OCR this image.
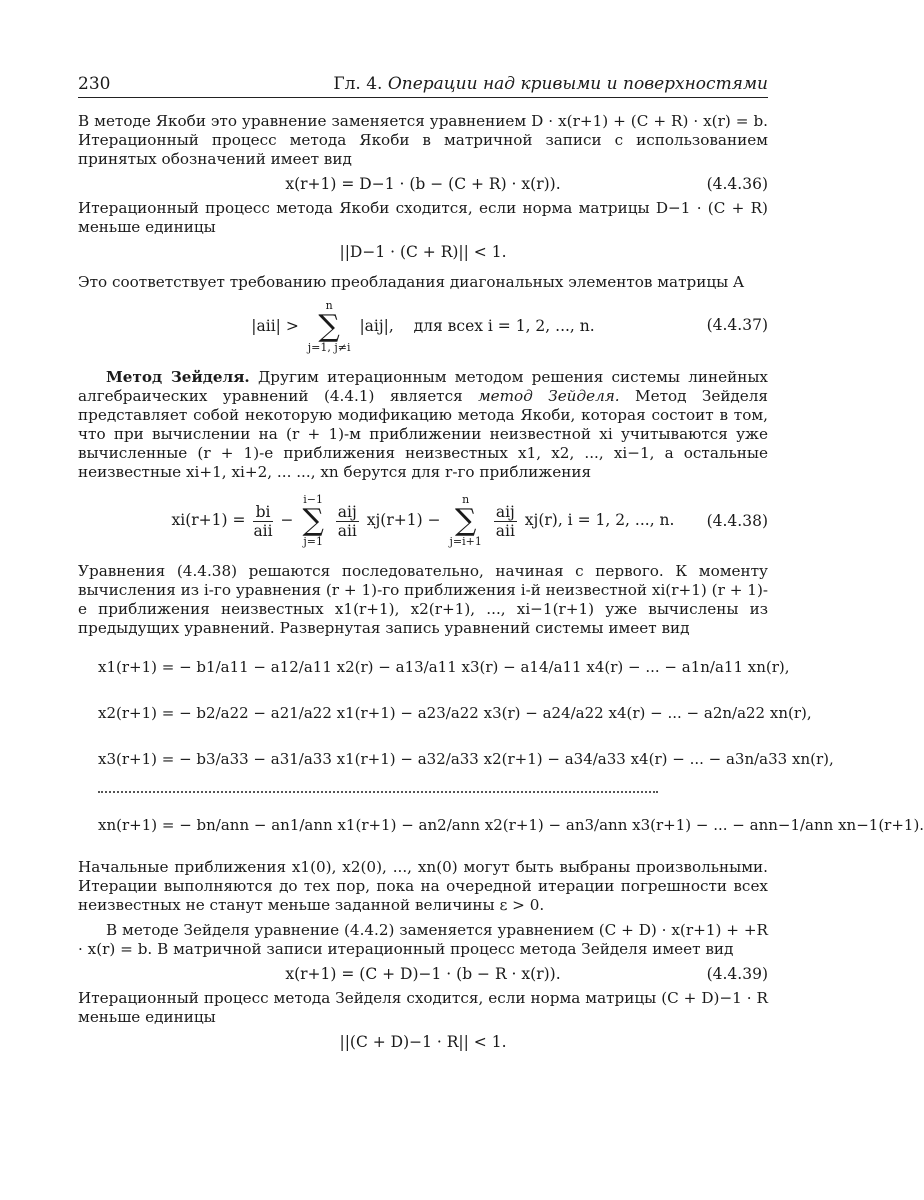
230	Гл. 4. Операции над кривыми и поверхностями

В методе Якоби это уравнение заменяется уравнением D · x(r+1) + (C + R) · x(r) = b. Итерационный процесс метода Якоби в матричной записи с использованием принятых обозначений имеет вид

x(r+1) = D−1 · (b − (C + R) · x(r)).	(4.4.36)

Итерационный процесс метода Якоби сходится, если норма матрицы D−1 · (C + R) меньше единицы

||D−1 · (C + R)|| < 1.

Это соответствует требованию преобладания диагональных элементов матрицы A

|aii| > n
∑
j=1, j≠i |aij|, для всех i = 1, 2, ..., n.	(4.4.37)

Метод Зейделя. Другим итерационным методом решения системы линейных алгебраических уравнений (4.4.1) является метод Зейделя. Метод Зейделя представляет собой некоторую модификацию метода Якоби, которая состоит в том, что при вычислении на (r + 1)-м приближении неизвестной xi учитываются уже вычисленные (r + 1)-е приближения неизвестных x1, x2, ..., xi−1, а остальные неизвестные xi+1, xi+2, ... ..., xn берутся для r-го приближения

$xi(r+1) = \frac{bi}{\text{aii}} - i-1$
∑
j=1
$\frac{\text{aij}}{\text{aii}} xj(r+1) - n$
∑
j=i+1
$\frac{\text{aij}}{\text{aii}} xj(r)$, i = 1, 2, ..., n. (4.4.38)

Уравнения (4.4.38) решаются последовательно, начиная с первого. К моменту вычисления из i-го уравнения (r + 1)-го приближения i-й неизвестной xi(r+1) (r + 1)-е приближения неизвестных x1(r+1), x2(r+1), ..., xi−1(r+1) уже вычислены из предыдущих уравнений. Развернутая запись уравнений системы имеет вид

x1(r+1) = − b1/a11 − a12/a11 x2(r) − a13/a11 x3(r) − a14/a11 x4(r) − ... − a1n/a11 xn(r),
x2(r+1) = − b2/a22 − a21/a22 x1(r+1) − a23/a22 x3(r) − a24/a22 x4(r) − ... − a2n/a22 xn(r),
x3(r+1) = − b3/a33 − a31/a33 x1(r+1) − a32/a33 x2(r+1) − a34/a33 x4(r) − ... − a3n/a33 xn(r),
xn(r+1) = − bn/ann − an1/ann x1(r+1) − an2/ann x2(r+1) − an3/ann x3(r+1) − ... − ann−1/ann xn−1(r+1).

Начальные приближения x1(0), x2(0), ..., xn(0) могут быть выбраны произвольными. Итерации выполняются до тех пор, пока на очередной итерации погрешности всех неизвестных не станут меньше заданной величины ε > 0.

В методе Зейделя уравнение (4.4.2) заменяется уравнением (C + D) · x(r+1) + +R · x(r) = b. В матричной записи итерационный процесс метода Зейделя имеет вид

x(r+1) = (C + D)−1 · (b − R · x(r)).	(4.4.39)

Итерационный процесс метода Зейделя сходится, если норма матрицы (C + D)−1 · R меньше единицы

||(C + D)−1 · R|| < 1.
